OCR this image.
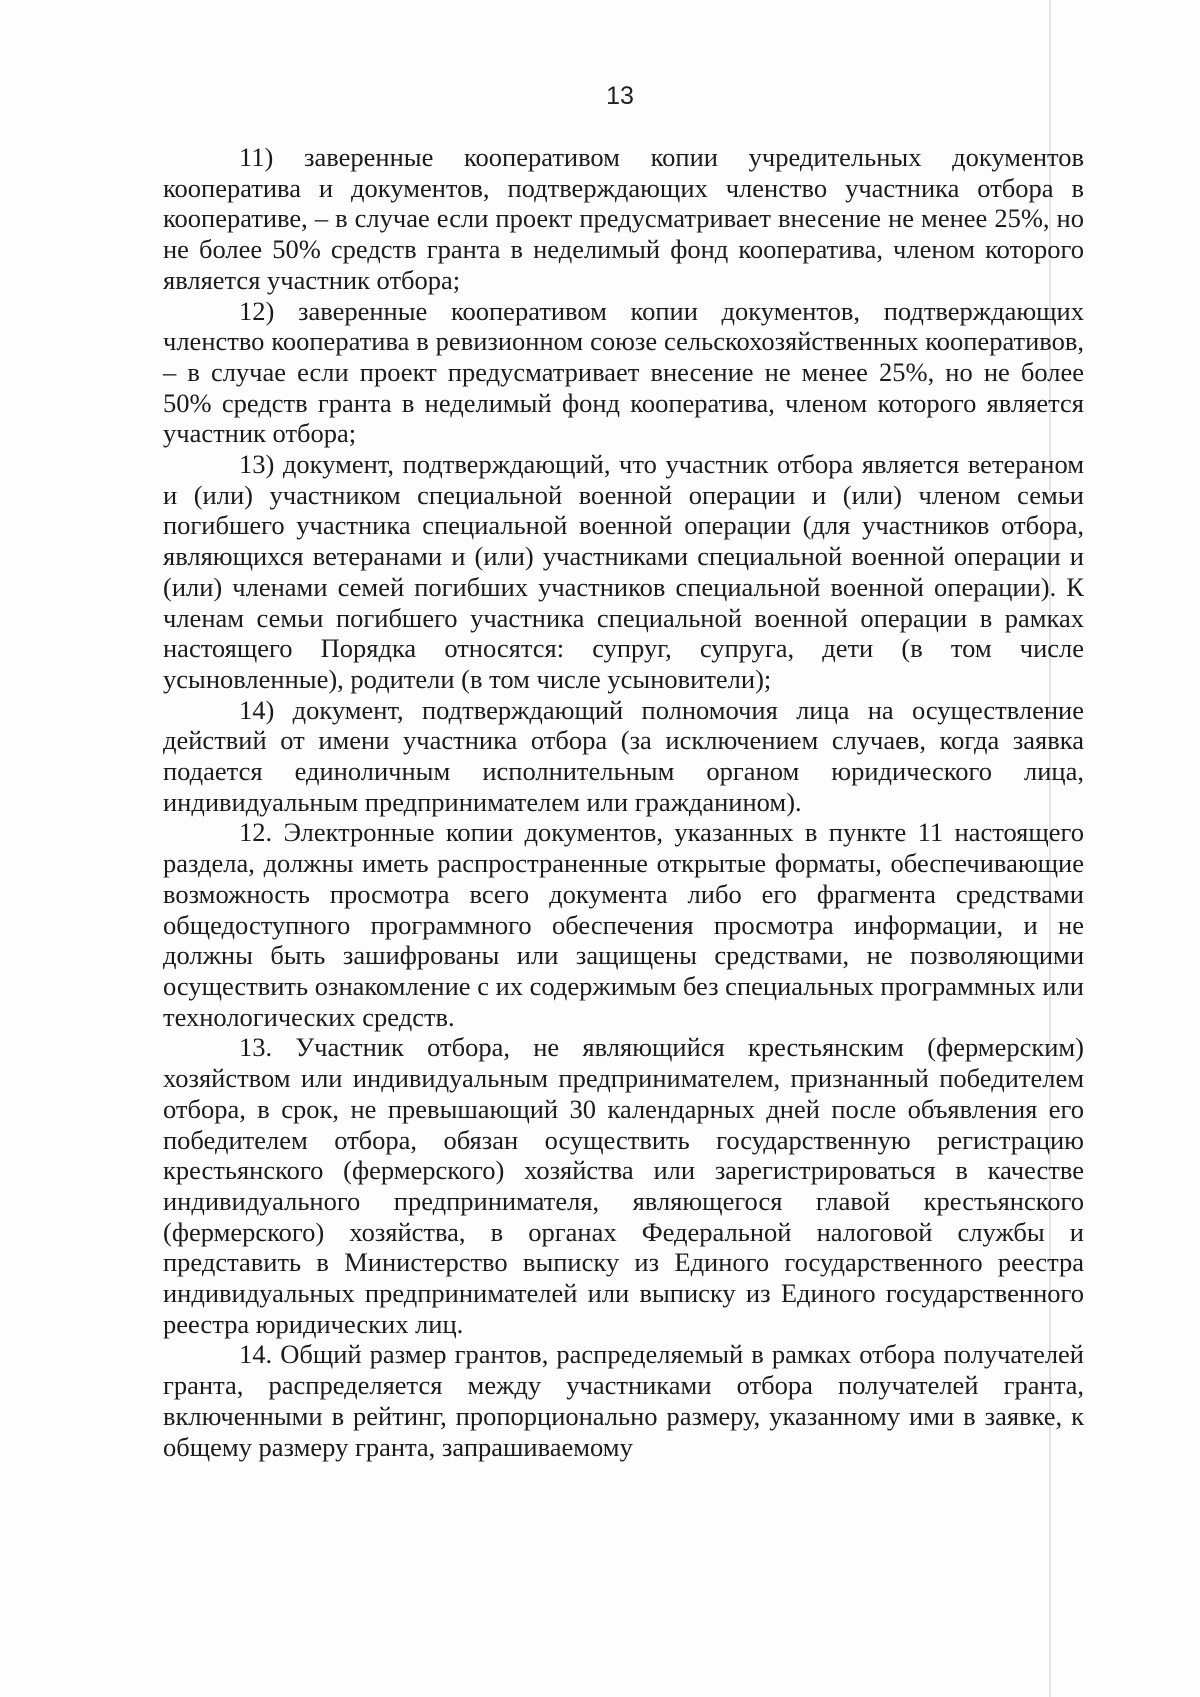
13

11) заверенные кооперативом копии учредительных документов кооператива и документов, подтверждающих членство участника отбора в кооперативе, – в случае если проект предусматривает внесение не менее 25%, но не более 50% средств гранта в неделимый фонд кооператива, членом которого является участник отбора;

12) заверенные кооперативом копии документов, подтверждающих членство кооператива в ревизионном союзе сельскохозяйственных кооперативов, – в случае если проект предусматривает внесение не менее 25%, но не более 50% средств гранта в неделимый фонд кооператива, членом которого является участник отбора;

13) документ, подтверждающий, что участник отбора является ветераном и (или) участником специальной военной операции и (или) членом семьи погибшего участника специальной военной операции (для участников отбора, являющихся ветеранами и (или) участниками специальной военной операции и (или) членами семей погибших участников специальной военной операции). К членам семьи погибшего участника специальной военной операции в рамках настоящего Порядка относятся: супруг, супруга, дети (в том числе усыновленные), родители (в том числе усыновители);

14) документ, подтверждающий полномочия лица на осуществление действий от имени участника отбора (за исключением случаев, когда заявка подается единоличным исполнительным органом юридического лица, индивидуальным предпринимателем или гражданином).

12. Электронные копии документов, указанных в пункте 11 настоящего раздела, должны иметь распространенные открытые форматы, обеспечивающие возможность просмотра всего документа либо его фрагмента средствами общедоступного программного обеспечения просмотра информации, и не должны быть зашифрованы или защищены средствами, не позволяющими осуществить ознакомление с их содержимым без специальных программных или технологических средств.

13. Участник отбора, не являющийся крестьянским (фермерским) хозяйством или индивидуальным предпринимателем, признанный победителем отбора, в срок, не превышающий 30 календарных дней после объявления его победителем отбора, обязан осуществить государственную регистрацию крестьянского (фермерского) хозяйства или зарегистрироваться в качестве индивидуального предпринимателя, являющегося главой крестьянского (фермерского) хозяйства, в органах Федеральной налоговой службы и представить в Министерство выписку из Единого государственного реестра индивидуальных предпринимателей или выписку из Единого государственного реестра юридических лиц.

14. Общий размер грантов, распределяемый в рамках отбора получателей гранта, распределяется между участниками отбора получателей гранта, включенными в рейтинг, пропорционально размеру, указанному ими в заявке, к общему размеру гранта, запрашиваемому
